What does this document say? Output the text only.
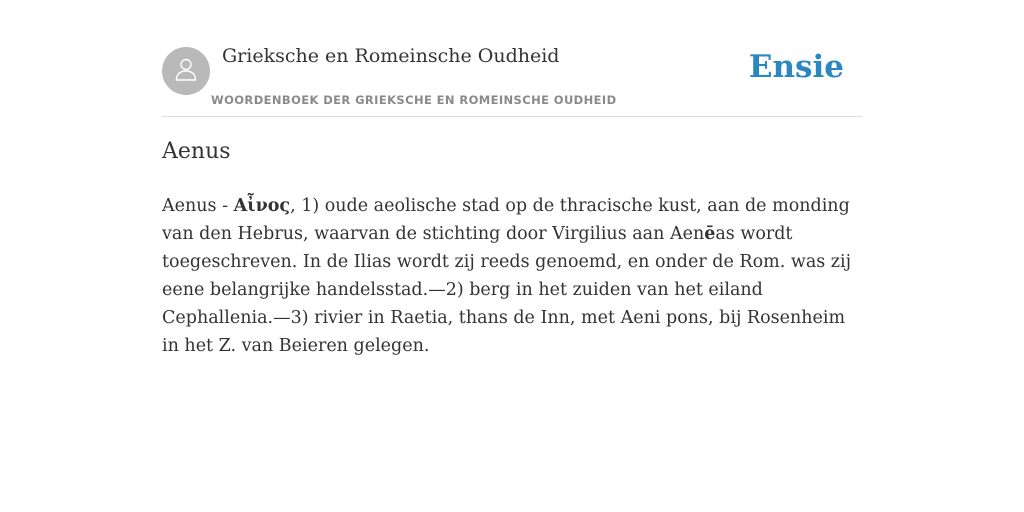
Grieksche en Romeinsche Oudheid
WOORDENBOEK DER GRIEKSCHE EN ROMEINSCHE OUDHEID
Ensie
Aenus

Aenus - Αἶνος, 1) oude aeolische stad op de thracische kust, aan de monding van den Hebrus, waarvan de stichting door Virgilius aan Aenēas wordt toegeschreven. In de Ilias wordt zij reeds genoemd, en onder de Rom. was zij eene belangrijke handelsstad.—2) berg in het zuiden van het eiland Cephallenia.—3) rivier in Raetia, thans de Inn, met Aeni pons, bij Rosenheim in het Z. van Beieren gelegen.
